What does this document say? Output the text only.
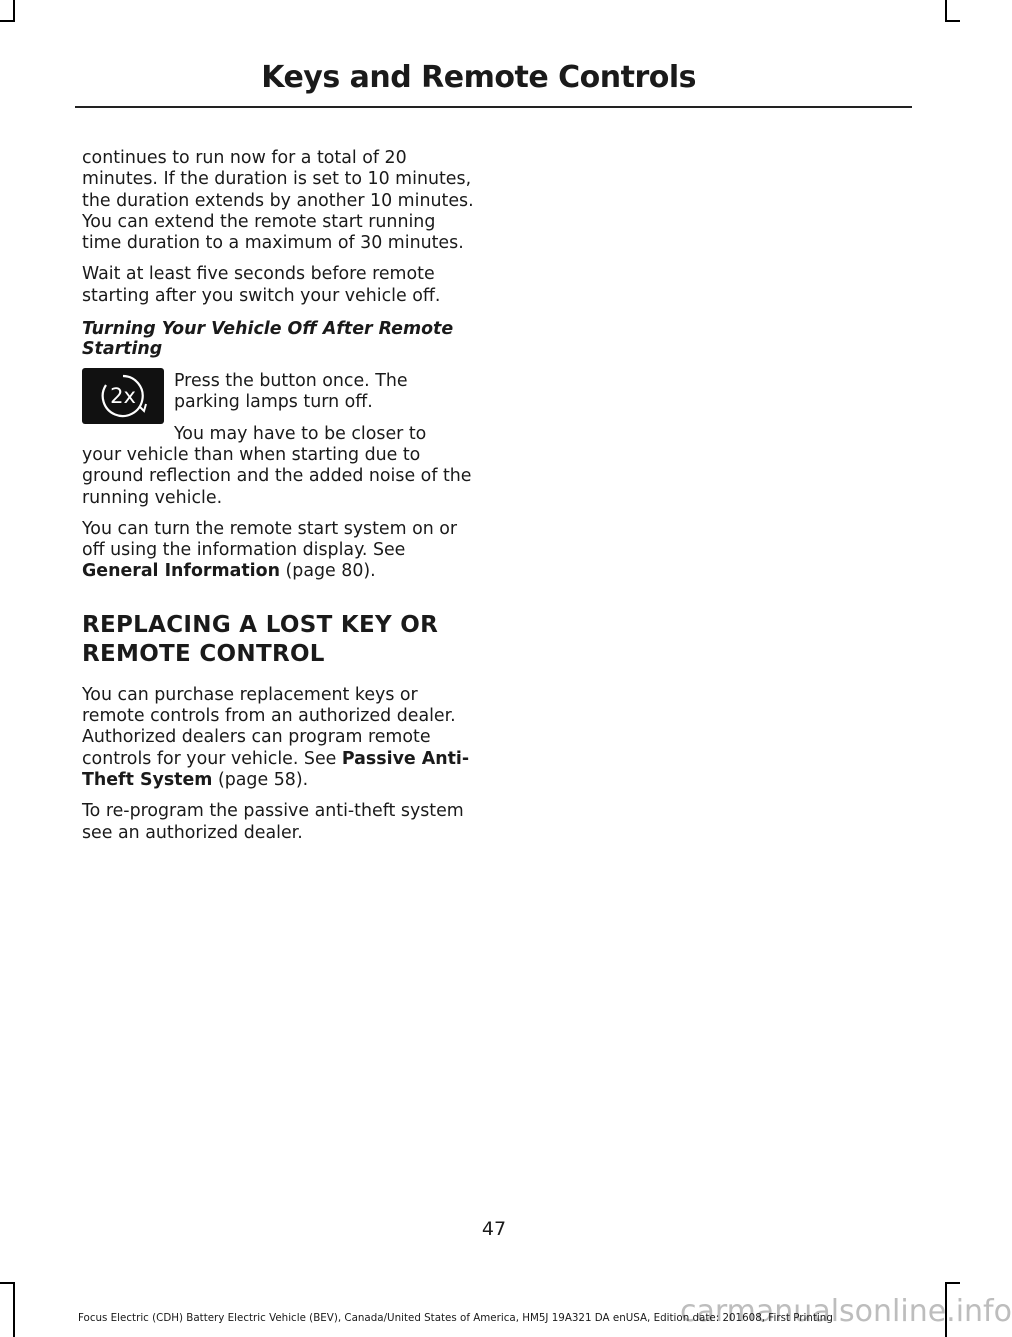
Keys and Remote Controls

continues to run now for a total of 20 minutes. If the duration is set to 10 minutes, the duration extends by another 10 minutes. You can extend the remote start running time duration to a maximum of 30 minutes.

Wait at least five seconds before remote starting after you switch your vehicle off.

Turning Your Vehicle Off After Remote Starting
2x

Press the button once. The parking lamps turn off.

You may have to be closer to

your vehicle than when starting due to ground reflection and the added noise of the running vehicle.

You can turn the remote start system on or off using the information display. See General Information (page 80).

REPLACING A LOST KEY OR
REMOTE CONTROL

You can purchase replacement keys or remote controls from an authorized dealer. Authorized dealers can program remote controls for your vehicle. See Passive Anti-Theft System (page 58).

To re-program the passive anti-theft system see an authorized dealer.

47
carmanualsonline.info
Focus Electric (CDH) Battery Electric Vehicle (BEV), Canada/United States of America, HM5J 19A321 DA enUSA, Edition date: 201608, First Printing
